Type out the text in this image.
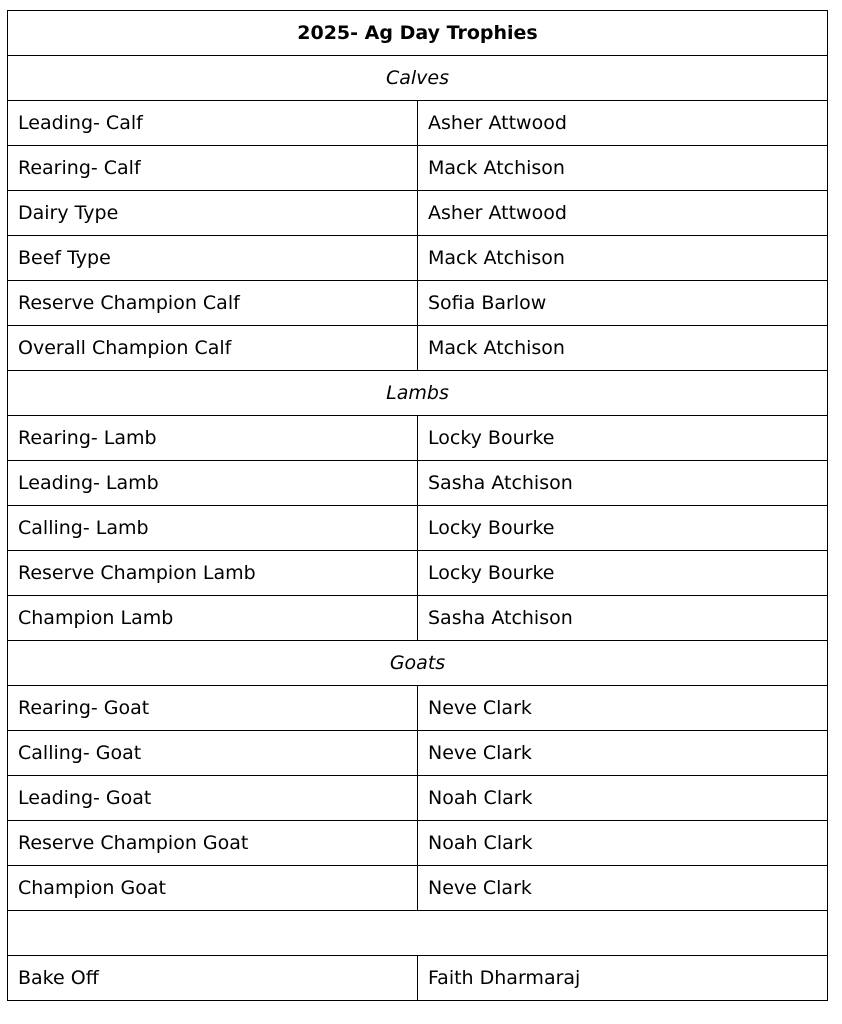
2025- Ag Day Trophies	
Calves	
Leading- Calf	Asher Attwood
Rearing- Calf	Mack Atchison
Dairy Type	Asher Attwood
Beef Type	Mack Atchison
Reserve Champion Calf	Sofia Barlow
Overall Champion Calf	Mack Atchison
Lambs	
Rearing- Lamb	Locky Bourke
Leading- Lamb	Sasha Atchison
Calling- Lamb	Locky Bourke
Reserve Champion Lamb	Locky Bourke
Champion Lamb	Sasha Atchison
Goats	
Rearing- Goat	Neve Clark
Calling- Goat	Neve Clark
Leading- Goat	Noah Clark
Reserve Champion Goat	Noah Clark
Champion Goat	Neve Clark

Bake Off	Faith Dharmaraj
